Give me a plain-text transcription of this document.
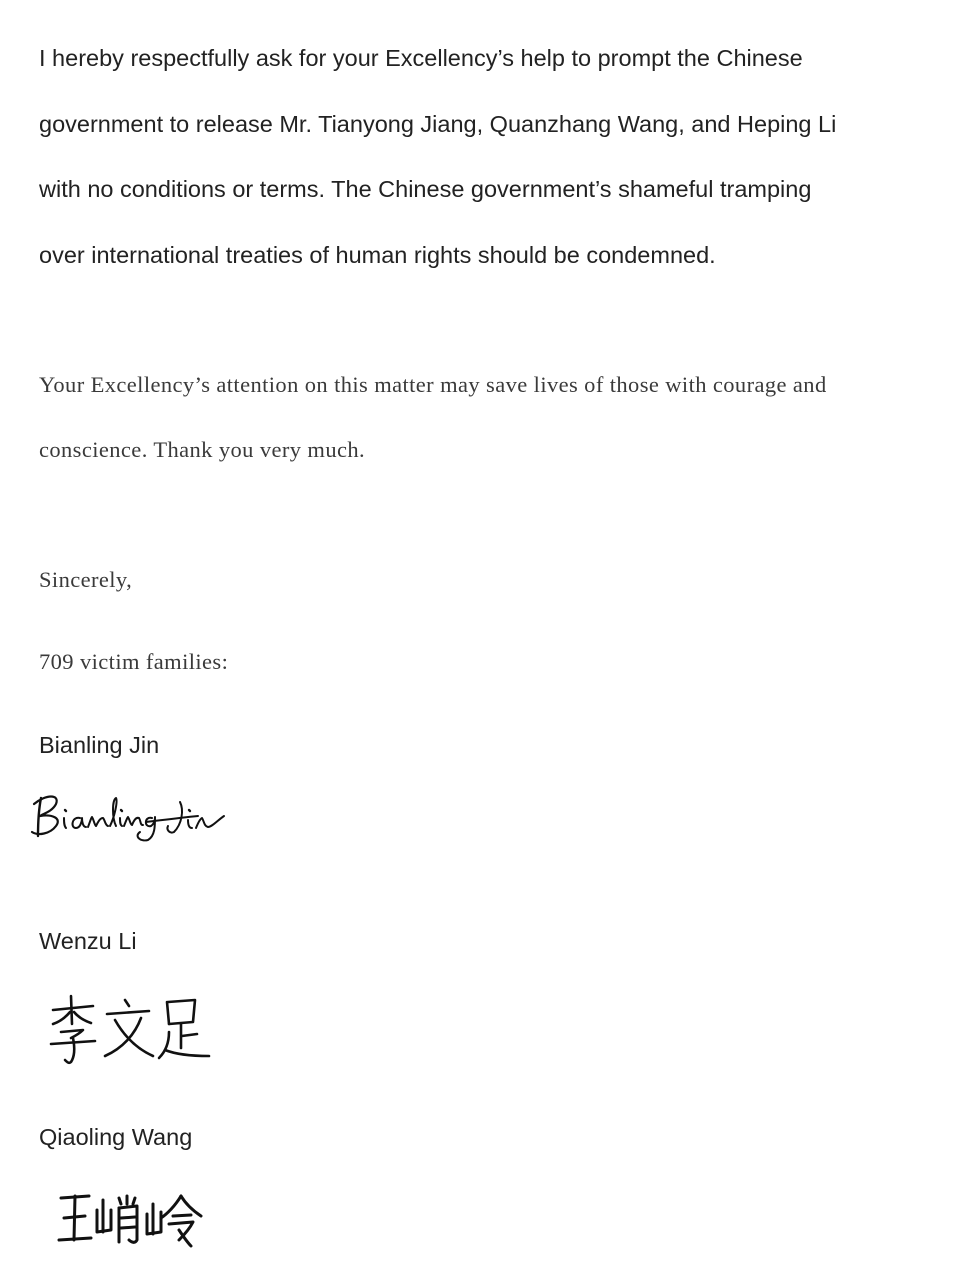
I hereby respectfully ask for your Excellency’s help to prompt the Chinese

government to release Mr. Tianyong Jiang, Quanzhang Wang, and Heping Li

with no conditions or terms. The Chinese government’s shameful tramping

over international treaties of human rights should be condemned.

Your Excellency’s attention on this matter may save lives of those with courage and

conscience. Thank you very much.

Sincerely,

709 victim families:

Bianling Jin

Wenzu Li

Qiaoling Wang
